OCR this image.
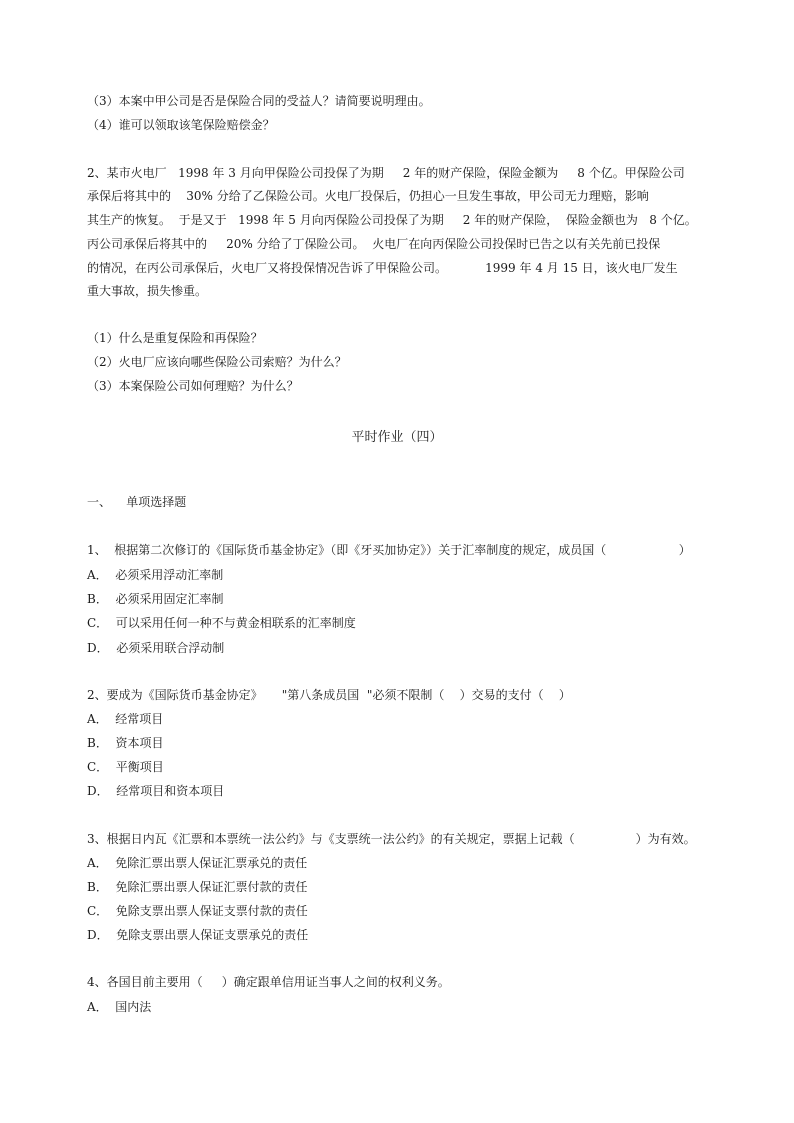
（3）本案中甲公司是否是保险合同的受益人？请简要说明理由。
（4）谁可以领取该笔保险赔偿金？
2、某市火电厂   1998 年 3 月向甲保险公司投保了为期     2 年的财产保险，保险金额为     8 个亿。甲保险公司
承保后将其中的    30% 分给了乙保险公司。火电厂投保后，仍担心一旦发生事故，甲公司无力理赔，影响
其生产的恢复。  于是又于   1998 年 5 月向丙保险公司投保了为期     2 年的财产保险，  保险金额也为   8 个亿。
丙公司承保后将其中的     20% 分给了丁保险公司。  火电厂在向丙保险公司投保时已告之以有关先前已投保
的情况，在丙公司承保后，火电厂又将投保情况告诉了甲保险公司。          1999 年 4 月 15 日，该火电厂发生
重大事故，损失惨重。
（1）什么是重复保险和再保险？
（2）火电厂应该向哪些保险公司索赔？为什么？
（3）本案保险公司如何理赔？为什么？
平时作业（四）
一、    单项选择题
1、  根据第二次修订的《国际货币基金协定》（即《牙买加协定》）关于汇率制度的规定，成员国（                   ）
A．  必须采用浮动汇率制
B．  必须采用固定汇率制
C．  可以采用任何一种不与黄金相联系的汇率制度
D．  必须采用联合浮动制
2、要成为《国际货币基金协定》     "第八条成员国  "必须不限制（    ）交易的支付（    ）
A．  经常项目
B．  资本项目
C．  平衡项目
D．  经常项目和资本项目
3、根据日内瓦《汇票和本票统一法公约》与《支票统一法公约》的有关规定，票据上记载（                ）为有效。
A．  免除汇票出票人保证汇票承兑的责任
B．  免除汇票出票人保证汇票付款的责任
C．  免除支票出票人保证支票付款的责任
D．  免除支票出票人保证支票承兑的责任
4、各国目前主要用（     ）确定跟单信用证当事人之间的权利义务。
A．  国内法
